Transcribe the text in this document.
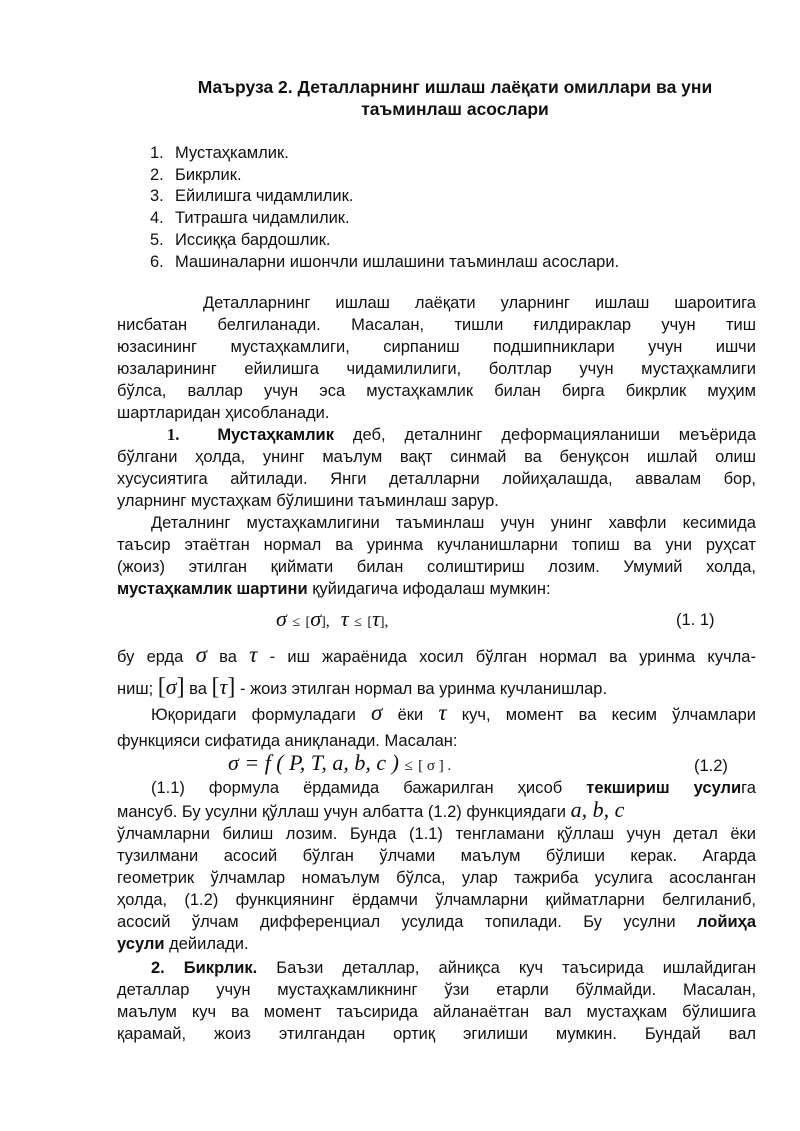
Маъруза 2. Деталларнинг ишлаш лаёқати омиллари ва уни
таъминлаш асослари
1. Мустаҳкамлик.
2. Бикрлик.
3. Ейилишга чидамлилик.
4. Титрашга чидамлилик.
5. Иссиққа бардошлик.
6. Машиналарни ишончли ишлашини таъминлаш асослари.
Деталларнинг ишлаш лаёқати уларнинг ишлаш шароитига
нисбатан белгиланади. Масалан, тишли ғилдираклар учун тиш
юзасининг мустаҳкамлиги, сирпаниш подшипниклари учун ишчи
юзаларининг ейилишга чидамилилиги, болтлар учун мустаҳкамлиги
бўлса, валлар учун эса мустаҳкамлик билан бирга бикрлик муҳим
шартларидан ҳисобланади.
1. Мустаҳкамлик деб, деталнинг деформацияланиши меъёрида
бўлгани ҳолда, унинг маълум вақт синмай ва бенуқсон ишлай олиш
хусусиятига айтилади. Янги деталларни лойиҳалашда, аввалам бор,
уларнинг мустаҳкам бўлишини таъминлаш зарур.
Деталнинг мустаҳкамлигини таъминлаш учун унинг хавфли кесимида
таъсир этаётган нормал ва уринма кучланишларни топиш ва уни руҳсат
(жоиз) этилган қиймати билан солиштириш лозим. Умумий холда,
мустаҳкамлик шартини қуйидагича ифодалаш мумкин:
σ ≤ [σ], τ ≤ [τ],	(1. 1)
бу ерда σ ва τ - иш жараёнида хосил бўлган нормал ва уринма кучла-
ниш; [σ] ва [τ] - жоиз этилган нормал ва уринма кучланишлар.
Юқоридаги формуладаги σ ёки τ куч, момент ва кесим ўлчамлари
функцияси сифатида аниқланади. Масалан:
σ = f ( P, T, a, b, c ) ≤ [ σ ] .	(1.2)
(1.1) формула ёрдамида бажарилган ҳисоб текшириш усулига
мансуб. Бу усулни қўллаш учун албатта (1.2) функциядаги a, b, c
ўлчамларни билиш лозим. Бунда (1.1) тенгламани қўллаш учун детал ёки
тузилмани асосий бўлган ўлчами маълум бўлиши керак. Агарда
геометрик ўлчамлар номаълум бўлса, улар тажриба усулига асосланган
ҳолда, (1.2) функциянинг ёрдамчи ўлчамларни қийматларни белгиланиб,
асосий ўлчам дифференциал усулида топилади. Бу усулни лойиҳа
усули дейилади.
2. Бикрлик. Баъзи деталлар, айниқса куч таъсирида ишлайдиган
деталлар учун мустаҳкамликнинг ўзи етарли бўлмайди. Масалан,
маълум куч ва момент таъсирида айланаётган вал мустаҳкам бўлишига
қарамай, жоиз этилгандан ортиқ эгилиши мумкин. Бундай вал
